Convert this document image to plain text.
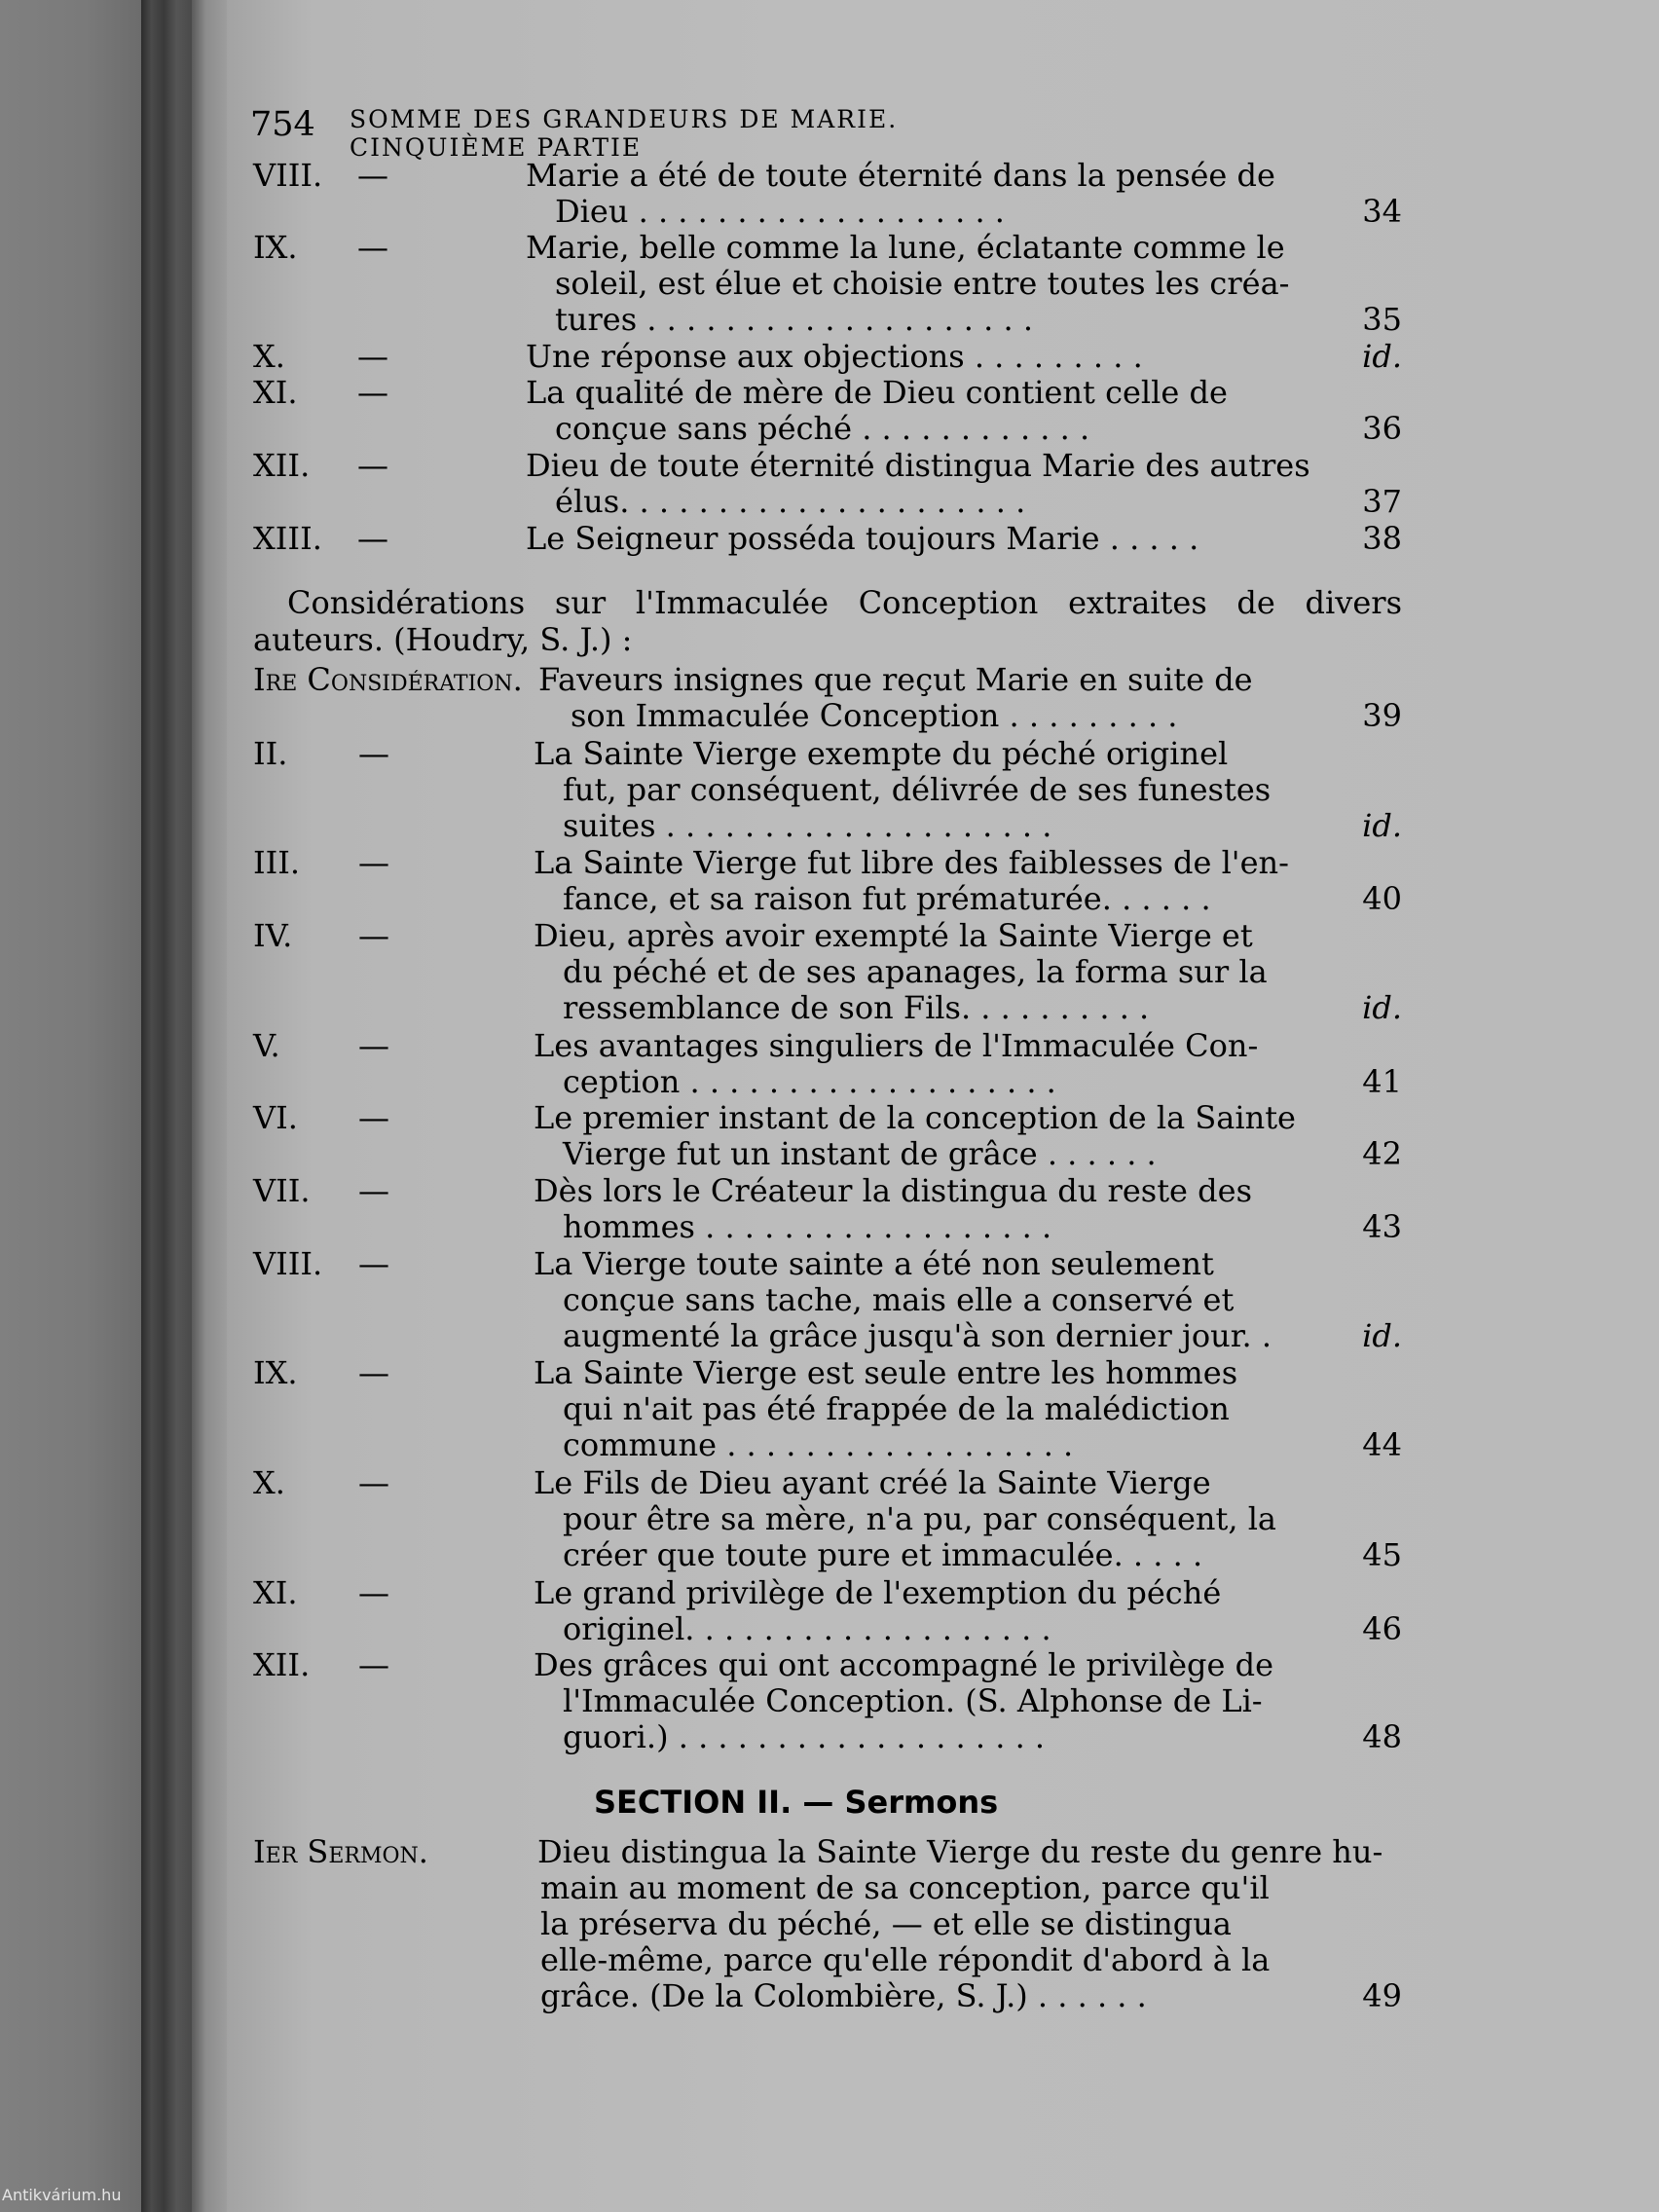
754 SOMME DES GRANDEURS DE MARIE. CINQUIÈME PARTIE
VIII. —	Marie a été de toute éternité dans la pensée de
Dieu . . . . . . . . . . . . . . . . . . .	34
IX. —	Marie, belle comme la lune, éclatante comme le
soleil, est élue et choisie entre toutes les créa-
tures . . . . . . . . . . . . . . . . . . . .	35
X. —	Une réponse aux objections . . . . . . . . .	id.
XI. —	La qualité de mère de Dieu contient celle de
conçue sans péché . . . . . . . . . . . .	36
XII. —	Dieu de toute éternité distingua Marie des autres
élus. . . . . . . . . . . . . . . . . . . . .	37
XIII. —	Le Seigneur posséda toujours Marie . . . . .	38
Considérations sur l'Immaculée Conception extraites de divers auteurs. (Houdry, S. J.) :
Ire Considération. Faveurs insignes que reçut Marie en suite de
son Immaculée Conception . . . . . . . . .	39
II. —	La Sainte Vierge exempte du péché originel
fut, par conséquent, délivrée de ses funestes
suites . . . . . . . . . . . . . . . . . . . .	id.
III. —	La Sainte Vierge fut libre des faiblesses de l'en-
fance, et sa raison fut prématurée. . . . . .	40
IV. —	Dieu, après avoir exempté la Sainte Vierge et
du péché et de ses apanages, la forma sur la
ressemblance de son Fils. . . . . . . . . .	id.
V.	—	Les avantages singuliers de l'Immaculée Con-
ception . . . . . . . . . . . . . . . . . . .	41
VI. —	Le premier instant de la conception de la Sainte
Vierge fut un instant de grâce . . . . . .	42
VII. —	Dès lors le Créateur la distingua du reste des
hommes . . . . . . . . . . . . . . . . . .	43
VIII. —	La Vierge toute sainte a été non seulement
conçue sans tache, mais elle a conservé et
augmenté la grâce jusqu'à son dernier jour. .	id.
IX. —	La Sainte Vierge est seule entre les hommes
qui n'ait pas été frappée de la malédiction
commune . . . . . . . . . . . . . . . . . .	44
X. —	Le Fils de Dieu ayant créé la Sainte Vierge
pour être sa mère, n'a pu, par conséquent, la
créer que toute pure et immaculée. . . . .	45
XI. —	Le grand privilège de l'exemption du péché
originel. . . . . . . . . . . . . . . . . . .	46
XII. —	Des grâces qui ont accompagné le privilège de
l'Immaculée Conception. (S. Alphonse de Li-
guori.) . . . . . . . . . . . . . . . . . . .	48
SECTION II. — Sermons
Ier Sermon.	Dieu distingua la Sainte Vierge du reste du genre hu-
main au moment de sa conception, parce qu'il
la préserva du péché, — et elle se distingua
elle-même, parce qu'elle répondit d'abord à la
grâce. (De la Colombière, S. J.) . . . . . .	49
Antikvárium.hu
